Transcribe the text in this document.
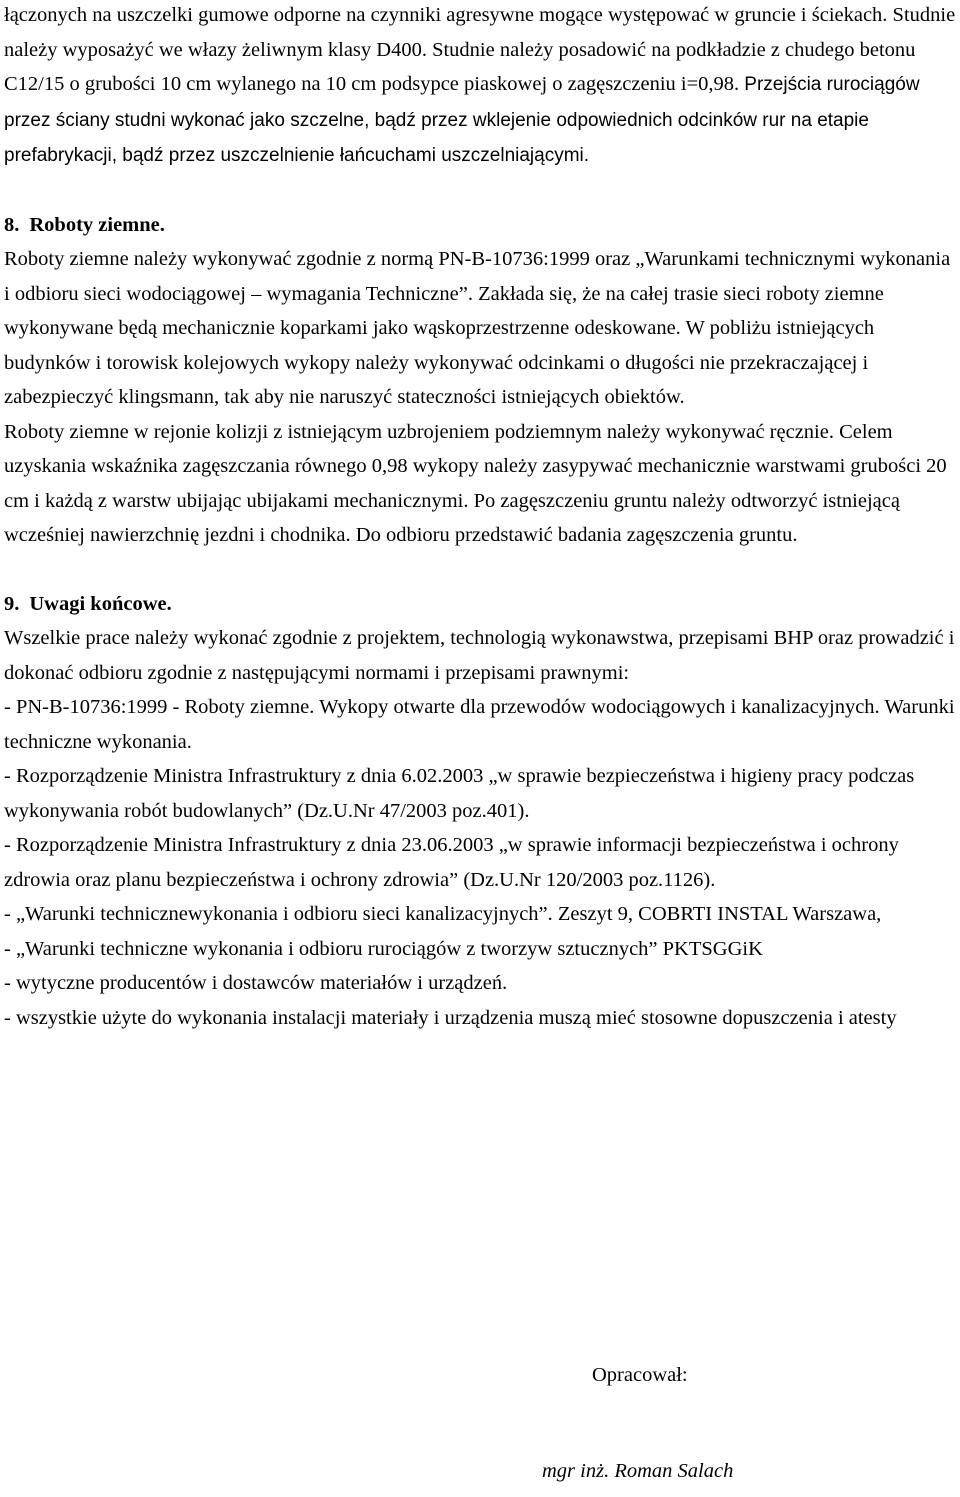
łączonych na uszczelki gumowe odporne na czynniki agresywne mogące występować w gruncie i ściekach. Studnie należy wyposażyć we włazy żeliwnym klasy D400. Studnie należy posadowić na podkładzie z chudego betonu C12/15 o grubości 10 cm wylanego na 10 cm podsypce piaskowej o zagęszczeniu i=0,98. Przejścia rurociągów przez ściany studni wykonać jako szczelne, bądź przez wklejenie odpowiednich odcinków rur na etapie prefabrykacji, bądź przez uszczelnienie łańcuchami uszczelniającymi.

8. Roboty ziemne.

Roboty ziemne należy wykonywać zgodnie z normą PN-B-10736:1999 oraz „Warunkami technicznymi wykonania i odbioru sieci wodociągowej – wymagania Techniczne”. Zakłada się, że na całej trasie sieci roboty ziemne wykonywane będą mechanicznie koparkami jako wąskoprzestrzenne odeskowane. W pobliżu istniejących budynków i torowisk kolejowych wykopy należy wykonywać odcinkami o długości nie przekraczającej i zabezpieczyć klingsmann, tak aby nie naruszyć stateczności istniejących obiektów.

Roboty ziemne w rejonie kolizji z istniejącym uzbrojeniem podziemnym należy wykonywać ręcznie. Celem uzyskania wskaźnika zagęszczania równego 0,98 wykopy należy zasypywać mechanicznie warstwami grubości 20 cm i każdą z warstw ubijając ubijakami mechanicznymi. Po zagęszczeniu gruntu należy odtworzyć istniejącą wcześniej nawierzchnię jezdni i chodnika. Do odbioru przedstawić badania zagęszczenia gruntu.

9. Uwagi końcowe.

Wszelkie prace należy wykonać zgodnie z projektem, technologią wykonawstwa, przepisami BHP oraz prowadzić i dokonać odbioru zgodnie z następującymi normami i przepisami prawnymi:

- PN-B-10736:1999 - Roboty ziemne. Wykopy otwarte dla przewodów wodociągowych i kanalizacyjnych. Warunki techniczne wykonania.

- Rozporządzenie Ministra Infrastruktury z dnia 6.02.2003 „w sprawie bezpieczeństwa i higieny pracy podczas wykonywania robót budowlanych” (Dz.U.Nr 47/2003 poz.401).

- Rozporządzenie Ministra Infrastruktury z dnia 23.06.2003 „w sprawie informacji bezpieczeństwa i ochrony zdrowia oraz planu bezpieczeństwa i ochrony zdrowia” (Dz.U.Nr 120/2003 poz.1126).

- „Warunki technicznewykonania i odbioru sieci kanalizacyjnych”. Zeszyt 9, COBRTI INSTAL Warszawa,

- „Warunki techniczne wykonania i odbioru rurociągów z tworzyw sztucznych” PKTSGGiK

- wytyczne producentów i dostawców materiałów i urządzeń.

- wszystkie użyte do wykonania instalacji materiały i urządzenia muszą mieć stosowne dopuszczenia i atesty

Opracował:
mgr inż. Roman Salach
